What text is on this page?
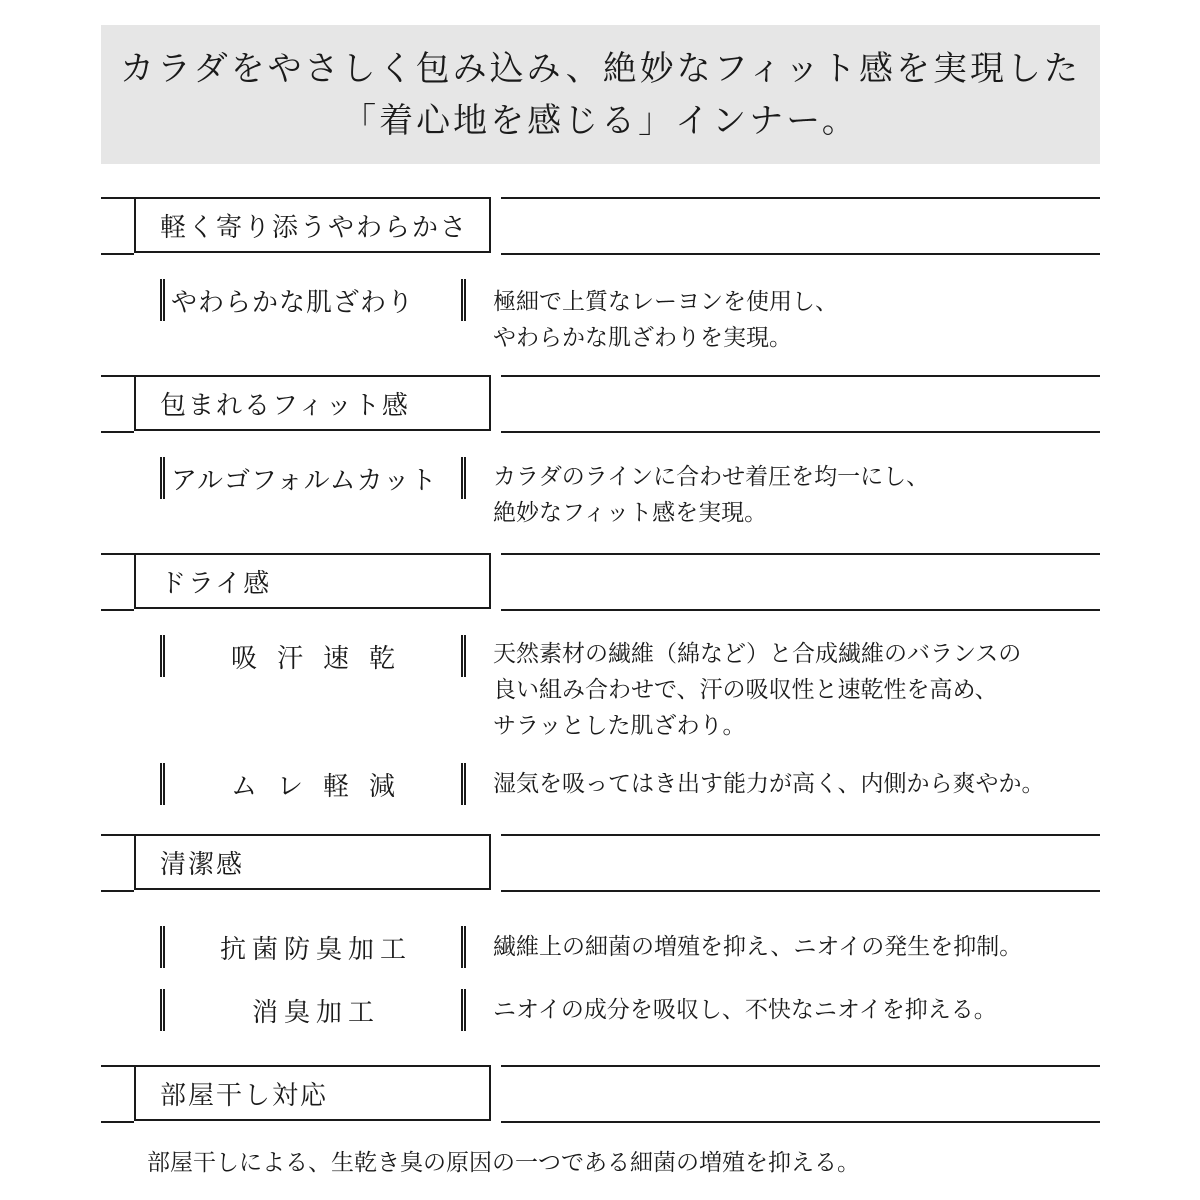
カラダをやさしく包み込み、絶妙なフィット感を実現した
「着心地を感じる」インナー。
軽く寄り添うやわらかさ
やわらかな肌ざわり	極細で上質なレーヨンを使用し、
やわらかな肌ざわりを実現。
包まれるフィット感
アルゴフォルムカット	カラダのラインに合わせ着圧を均一にし、
絶妙なフィット感を実現。
ドライ感
吸汗速乾	天然素材の繊維（綿など）と合成繊維のバランスの
良い組み合わせで、汗の吸収性と速乾性を高め、
サラッとした肌ざわり。
ムレ軽減	湿気を吸ってはき出す能力が高く、内側から爽やか。
清潔感
抗菌防臭加工	繊維上の細菌の増殖を抑え、ニオイの発生を抑制。
消臭加工	ニオイの成分を吸収し、不快なニオイを抑える。
部屋干し対応
部屋干しによる、生乾き臭の原因の一つである細菌の増殖を抑える。
